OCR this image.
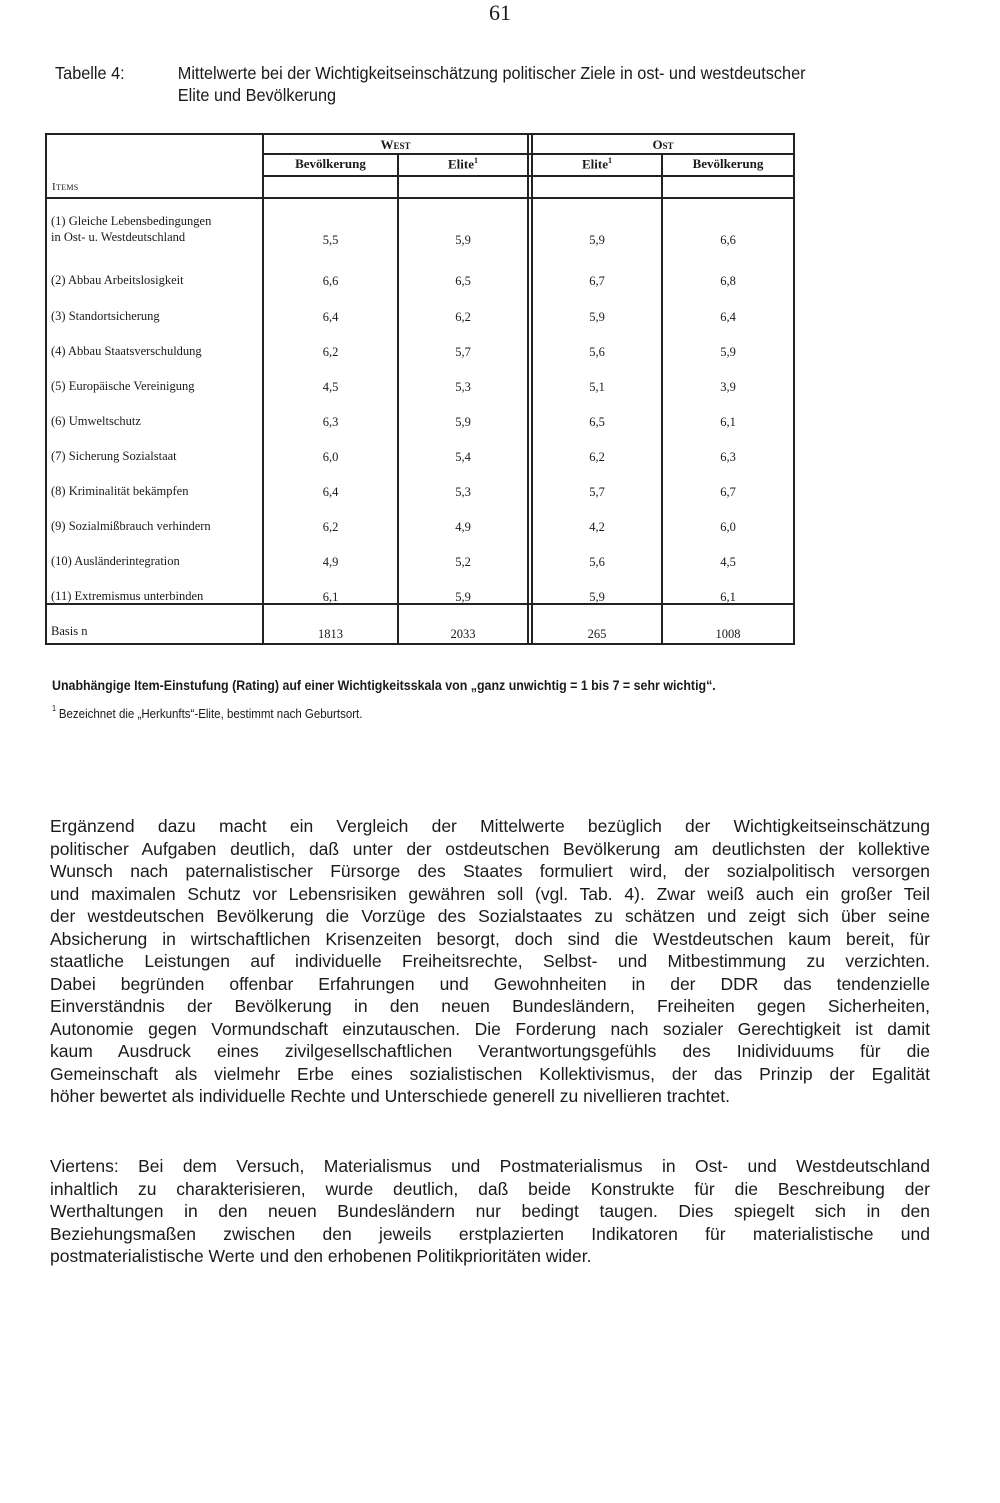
61
Tabelle 4:	Mittelwerte bei der Wichtigkeitseinschätzung politischer Ziele in ost- und westdeutscher
Elite und Bevölkerung
West	Ost
Bevölkerung	Elite$^1$	Elite$^1$	Bevölkerung
Items
(1) Gleiche Lebensbedingungen
in Ost- u. Westdeutschland	5,5	5,9	5,9	6,6
(2) Abbau Arbeitslosigkeit	6,6	6,5	6,7	6,8
(3) Standortsicherung	6,4	6,2	5,9	6,4
(4) Abbau Staatsverschuldung	6,2	5,7	5,6	5,9
(5) Europäische Vereinigung	4,5	5,3	5,1	3,9
(6) Umweltschutz	6,3	5,9	6,5	6,1
(7) Sicherung Sozialstaat	6,0	5,4	6,2	6,3
(8) Kriminalität bekämpfen	6,4	5,3	5,7	6,7
(9) Sozialmißbrauch verhindern	6,2	4,9	4,2	6,0
(10) Ausländerintegration	4,9	5,2	5,6	4,5
(11) Extremismus unterbinden	6,1	5,9	5,9	6,1
Basis n	1813	2033	265	1008
Unabhängige Item-Einstufung (Rating) auf einer Wichtigkeitsskala von „ganz unwichtig = 1 bis 7 = sehr wichtig“.
$^1$ Bezeichnet die „Herkunfts“-Elite, bestimmt nach Geburtsort.
Ergänzend dazu macht ein Vergleich der Mittelwerte bezüglich der Wichtigkeitseinschätzung
politischer Aufgaben deutlich, daß unter der ostdeutschen Bevölkerung am deutlichsten der kollektive
Wunsch nach paternalistischer Fürsorge des Staates formuliert wird, der sozialpolitisch versorgen
und maximalen Schutz vor Lebensrisiken gewähren soll (vgl. Tab. 4). Zwar weiß auch ein großer Teil
der westdeutschen Bevölkerung die Vorzüge des Sozialstaates zu schätzen und zeigt sich über seine
Absicherung in wirtschaftlichen Krisenzeiten besorgt, doch sind die Westdeutschen kaum bereit, für
staatliche Leistungen auf individuelle Freiheitsrechte, Selbst- und Mitbestimmung zu verzichten.
Dabei begründen offenbar Erfahrungen und Gewohnheiten in der DDR das tendenzielle
Einverständnis der Bevölkerung in den neuen Bundesländern, Freiheiten gegen Sicherheiten,
Autonomie gegen Vormundschaft einzutauschen. Die Forderung nach sozialer Gerechtigkeit ist damit
kaum Ausdruck eines zivilgesellschaftlichen Verantwortungsgefühls des Inidividuums für die
Gemeinschaft als vielmehr Erbe eines sozialistischen Kollektivismus, der das Prinzip der Egalität
höher bewertet als individuelle Rechte und Unterschiede generell zu nivellieren trachtet.
Viertens: Bei dem Versuch, Materialismus und Postmaterialismus in Ost- und Westdeutschland
inhaltlich zu charakterisieren, wurde deutlich, daß beide Konstrukte für die Beschreibung der
Werthaltungen in den neuen Bundesländern nur bedingt taugen. Dies spiegelt sich in den
Beziehungsmaßen zwischen den jeweils erstplazierten Indikatoren für materialistische und
postmaterialistische Werte und den erhobenen Politikprioritäten wider.
